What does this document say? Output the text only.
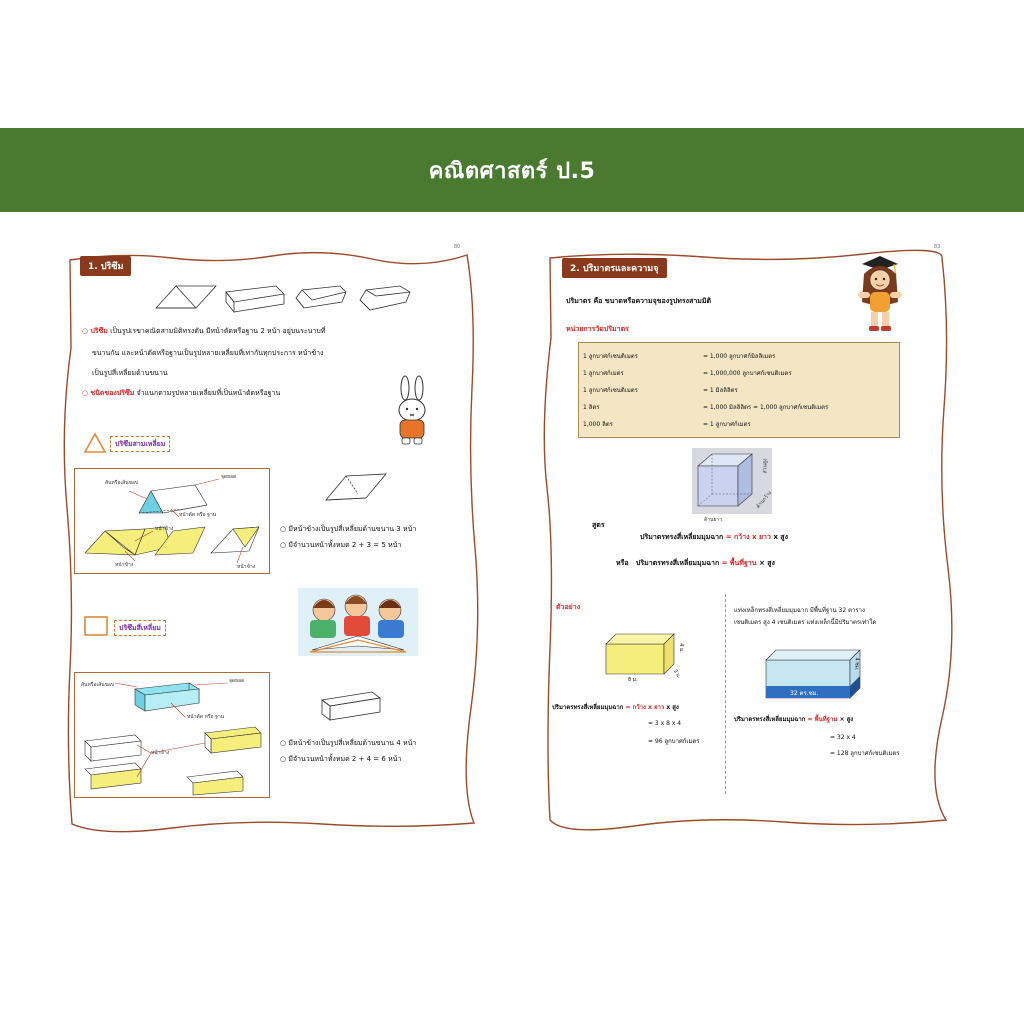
คณิตศาสตร์ ป.5
80
1. ปริซึม
○ ปริซึม เป็นรูปเรขาคณิตสามมิติทรงตัน มีหน้าตัดหรือฐาน 2 หน้า อยู่บนระนาบที่
ขนานกัน และหน้าตัดหรือฐานเป็นรูปหลายเหลี่ยมที่เท่ากันทุกประการ หน้าข้าง
เป็นรูปสี่เหลี่ยมด้านขนาน
○ ชนิดของปริซึม จำแนกตามรูปหลายเหลี่ยมที่เป็นหน้าตัดหรือฐาน
ปริซึมสามเหลี่ยม
สันหรือเส้นขอบ
จุดยอด
หน้าตัด หรือ ฐาน
หน้าข้าง
หน้าข้าง	หน้าข้าง
○ มีหน้าข้างเป็นรูปสี่เหลี่ยมด้านขนาน 3 หน้า
○ มีจำนวนหน้าทั้งหมด 2 + 3 = 5 หน้า
ปริซึมสี่เหลี่ยม
สันหรือเส้นขอบ
จุดยอด
หน้าตัด หรือ ฐาน
หน้าข้าง
○ มีหน้าข้างเป็นรูปสี่เหลี่ยมด้านขนาน 4 หน้า
○ มีจำนวนหน้าทั้งหมด 2 + 4 = 6 หน้า
83
2. ปริมาตรและความจุ
ปริมาตร คือ ขนาดหรือความจุของรูปทรงสามมิติ
หน่วยการวัดปริมาตร
1 ลูกบาศก์เซนติเมตร	= 1,000 ลูกบาศก์มิลลิเมตร
1 ลูกบาศก์เมตร	= 1,000,000 ลูกบาศก์เซนติเมตร
1 ลูกบาศก์เซนติเมตร	= 1 มิลลิลิตร
1 ลิตร	= 1,000 มิลลิลิตร = 1,000 ลูกบาศก์เซนติเมตร
1,000 ลิตร	= 1 ลูกบาศก์เมตร
ส่วนสูง
ด้านกว้าง
ด้านยาว
สูตร
ปริมาตรทรงสี่เหลี่ยมมุมฉาก = กว้าง x ยาว x สูง
หรือ ปริมาตรทรงสี่เหลี่ยมมุมฉาก = พื้นที่ฐาน × สูง
ตัวอย่าง
8 ม.
3 ม.
4 ม.
ปริมาตรทรงสี่เหลี่ยมมุมฉาก = กว้าง x ยาว x สูง
= 3 x 8 x 4
= 96 ลูกบาศก์เมตร
แท่งเหล็กทรงสี่เหลี่ยมมุมฉาก มีพื้นที่ฐาน 32 ตาราง
เซนติเมตร สูง 4 เซนติเมตร แท่งเหล็กนี้มีปริมาตรเท่าใด
32 ตร.ซม.
4 ซม.
ปริมาตรทรงสี่เหลี่ยมมุมฉาก = พื้นที่ฐาน × สูง
= 32 x 4
= 128 ลูกบาศก์เซนติเมตร
